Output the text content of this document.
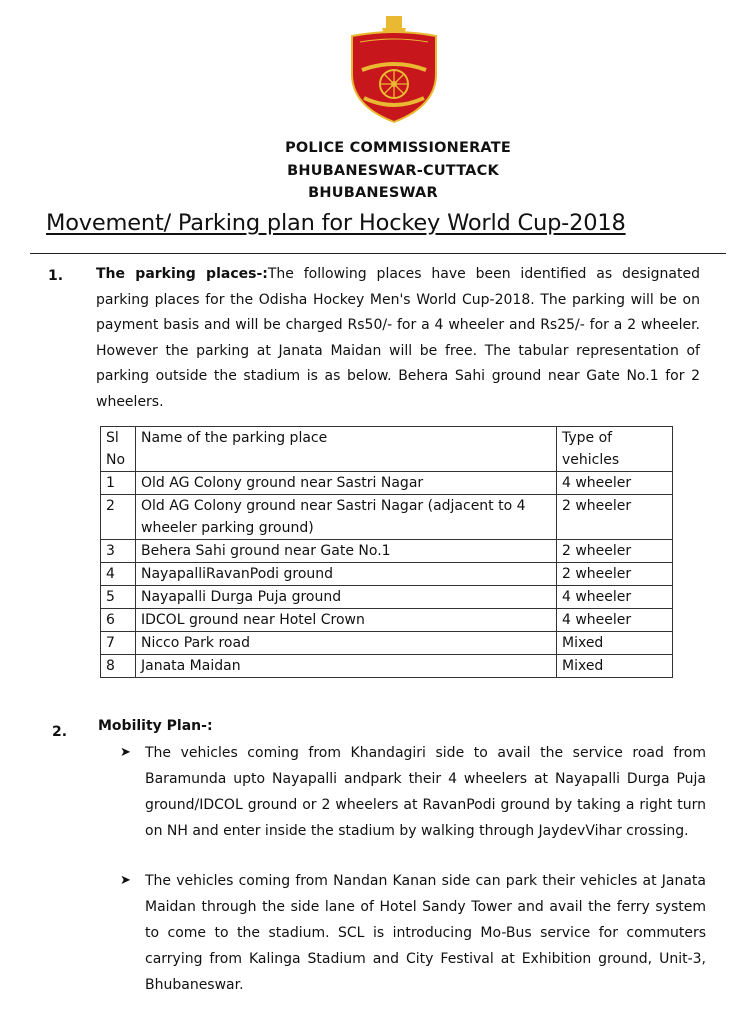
POLICE COMMISSIONERATE
BHUBANESWAR-CUTTACK
BHUBANESWAR
Movement/ Parking plan for Hockey World Cup-2018
1. The parking places-:The following places have been identified as designated parking places for the Odisha Hockey Men's World Cup-2018. The parking will be on payment basis and will be charged Rs50/- for a 4 wheeler and Rs25/- for a 2 wheeler. However the parking at Janata Maidan will be free. The tabular representation of parking outside the stadium is as below. Behera Sahi ground near Gate No.1 for 2 wheelers.
Sl No	Name of the parking place	Type of vehicles
1	Old AG Colony ground near Sastri Nagar	4 wheeler
2	Old AG Colony ground near Sastri Nagar (adjacent to 4 wheeler parking ground)	2 wheeler
3	Behera Sahi ground near Gate No.1	2 wheeler
4	NayapalliRavanPodi ground	2 wheeler
5	Nayapalli Durga Puja ground	4 wheeler
6	IDCOL ground near Hotel Crown	4 wheeler
7	Nicco Park road	Mixed
8	Janata Maidan	Mixed
2. Mobility Plan-:
➤	The vehicles coming from Khandagiri side to avail the service road from Baramunda upto Nayapalli andpark their 4 wheelers at Nayapalli Durga Puja ground/IDCOL ground or 2 wheelers at RavanPodi ground by taking a right turn on NH and enter inside the stadium by walking through JaydevVihar crossing.
➤	The vehicles coming from Nandan Kanan side can park their vehicles at Janata Maidan through the side lane of Hotel Sandy Tower and avail the ferry system to come to the stadium. SCL is introducing Mo-Bus service for commuters carrying from Kalinga Stadium and City Festival at Exhibition ground, Unit-3, Bhubaneswar.
